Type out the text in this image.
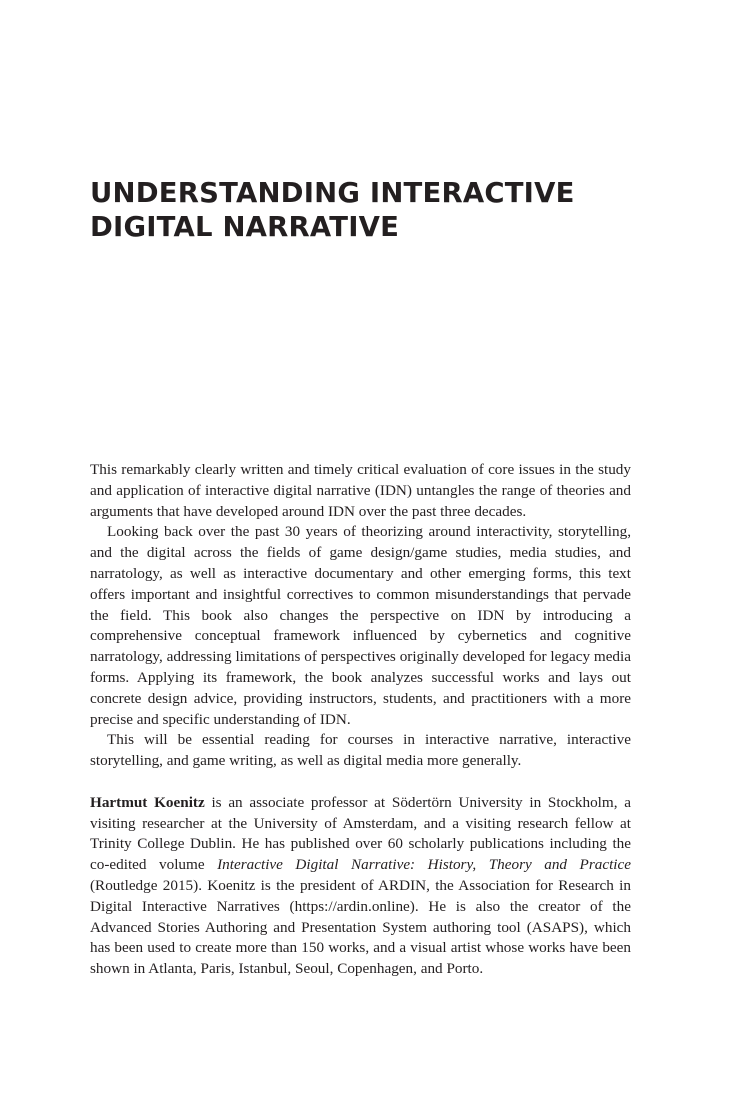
UNDERSTANDING INTERACTIVE
DIGITAL NARRATIVE

This remarkably clearly written and timely critical evaluation of core issues in the study and application of interactive digital narrative (IDN) untangles the range of theories and arguments that have developed around IDN over the past three decades.

Looking back over the past 30 years of theorizing around interactivity, storytelling, and the digital across the fields of game design/game studies, media studies, and narratology, as well as interactive documentary and other emerging forms, this text offers important and insightful correctives to common misunderstandings that pervade the field. This book also changes the perspective on IDN by introducing a comprehensive conceptual framework influenced by cybernetics and cognitive narratology, addressing limitations of perspectives originally developed for legacy media forms. Applying its framework, the book analyzes successful works and lays out concrete design advice, providing instructors, students, and practitioners with a more precise and specific understanding of IDN.

This will be essential reading for courses in interactive narrative, interactive storytelling, and game writing, as well as digital media more generally.

Hartmut Koenitz is an associate professor at Södertörn University in Stockholm, a visiting researcher at the University of Amsterdam, and a visiting research fellow at Trinity College Dublin. He has published over 60 scholarly publications including the co-edited volume Interactive Digital Narrative: History, Theory and Practice (Routledge 2015). Koenitz is the president of ARDIN, the Association for Research in Digital Interactive Narratives (https://ardin.online). He is also the creator of the Advanced Stories Authoring and Presentation System authoring tool (ASAPS), which has been used to create more than 150 works, and a visual artist whose works have been shown in Atlanta, Paris, Istanbul, Seoul, Copenhagen, and Porto.
